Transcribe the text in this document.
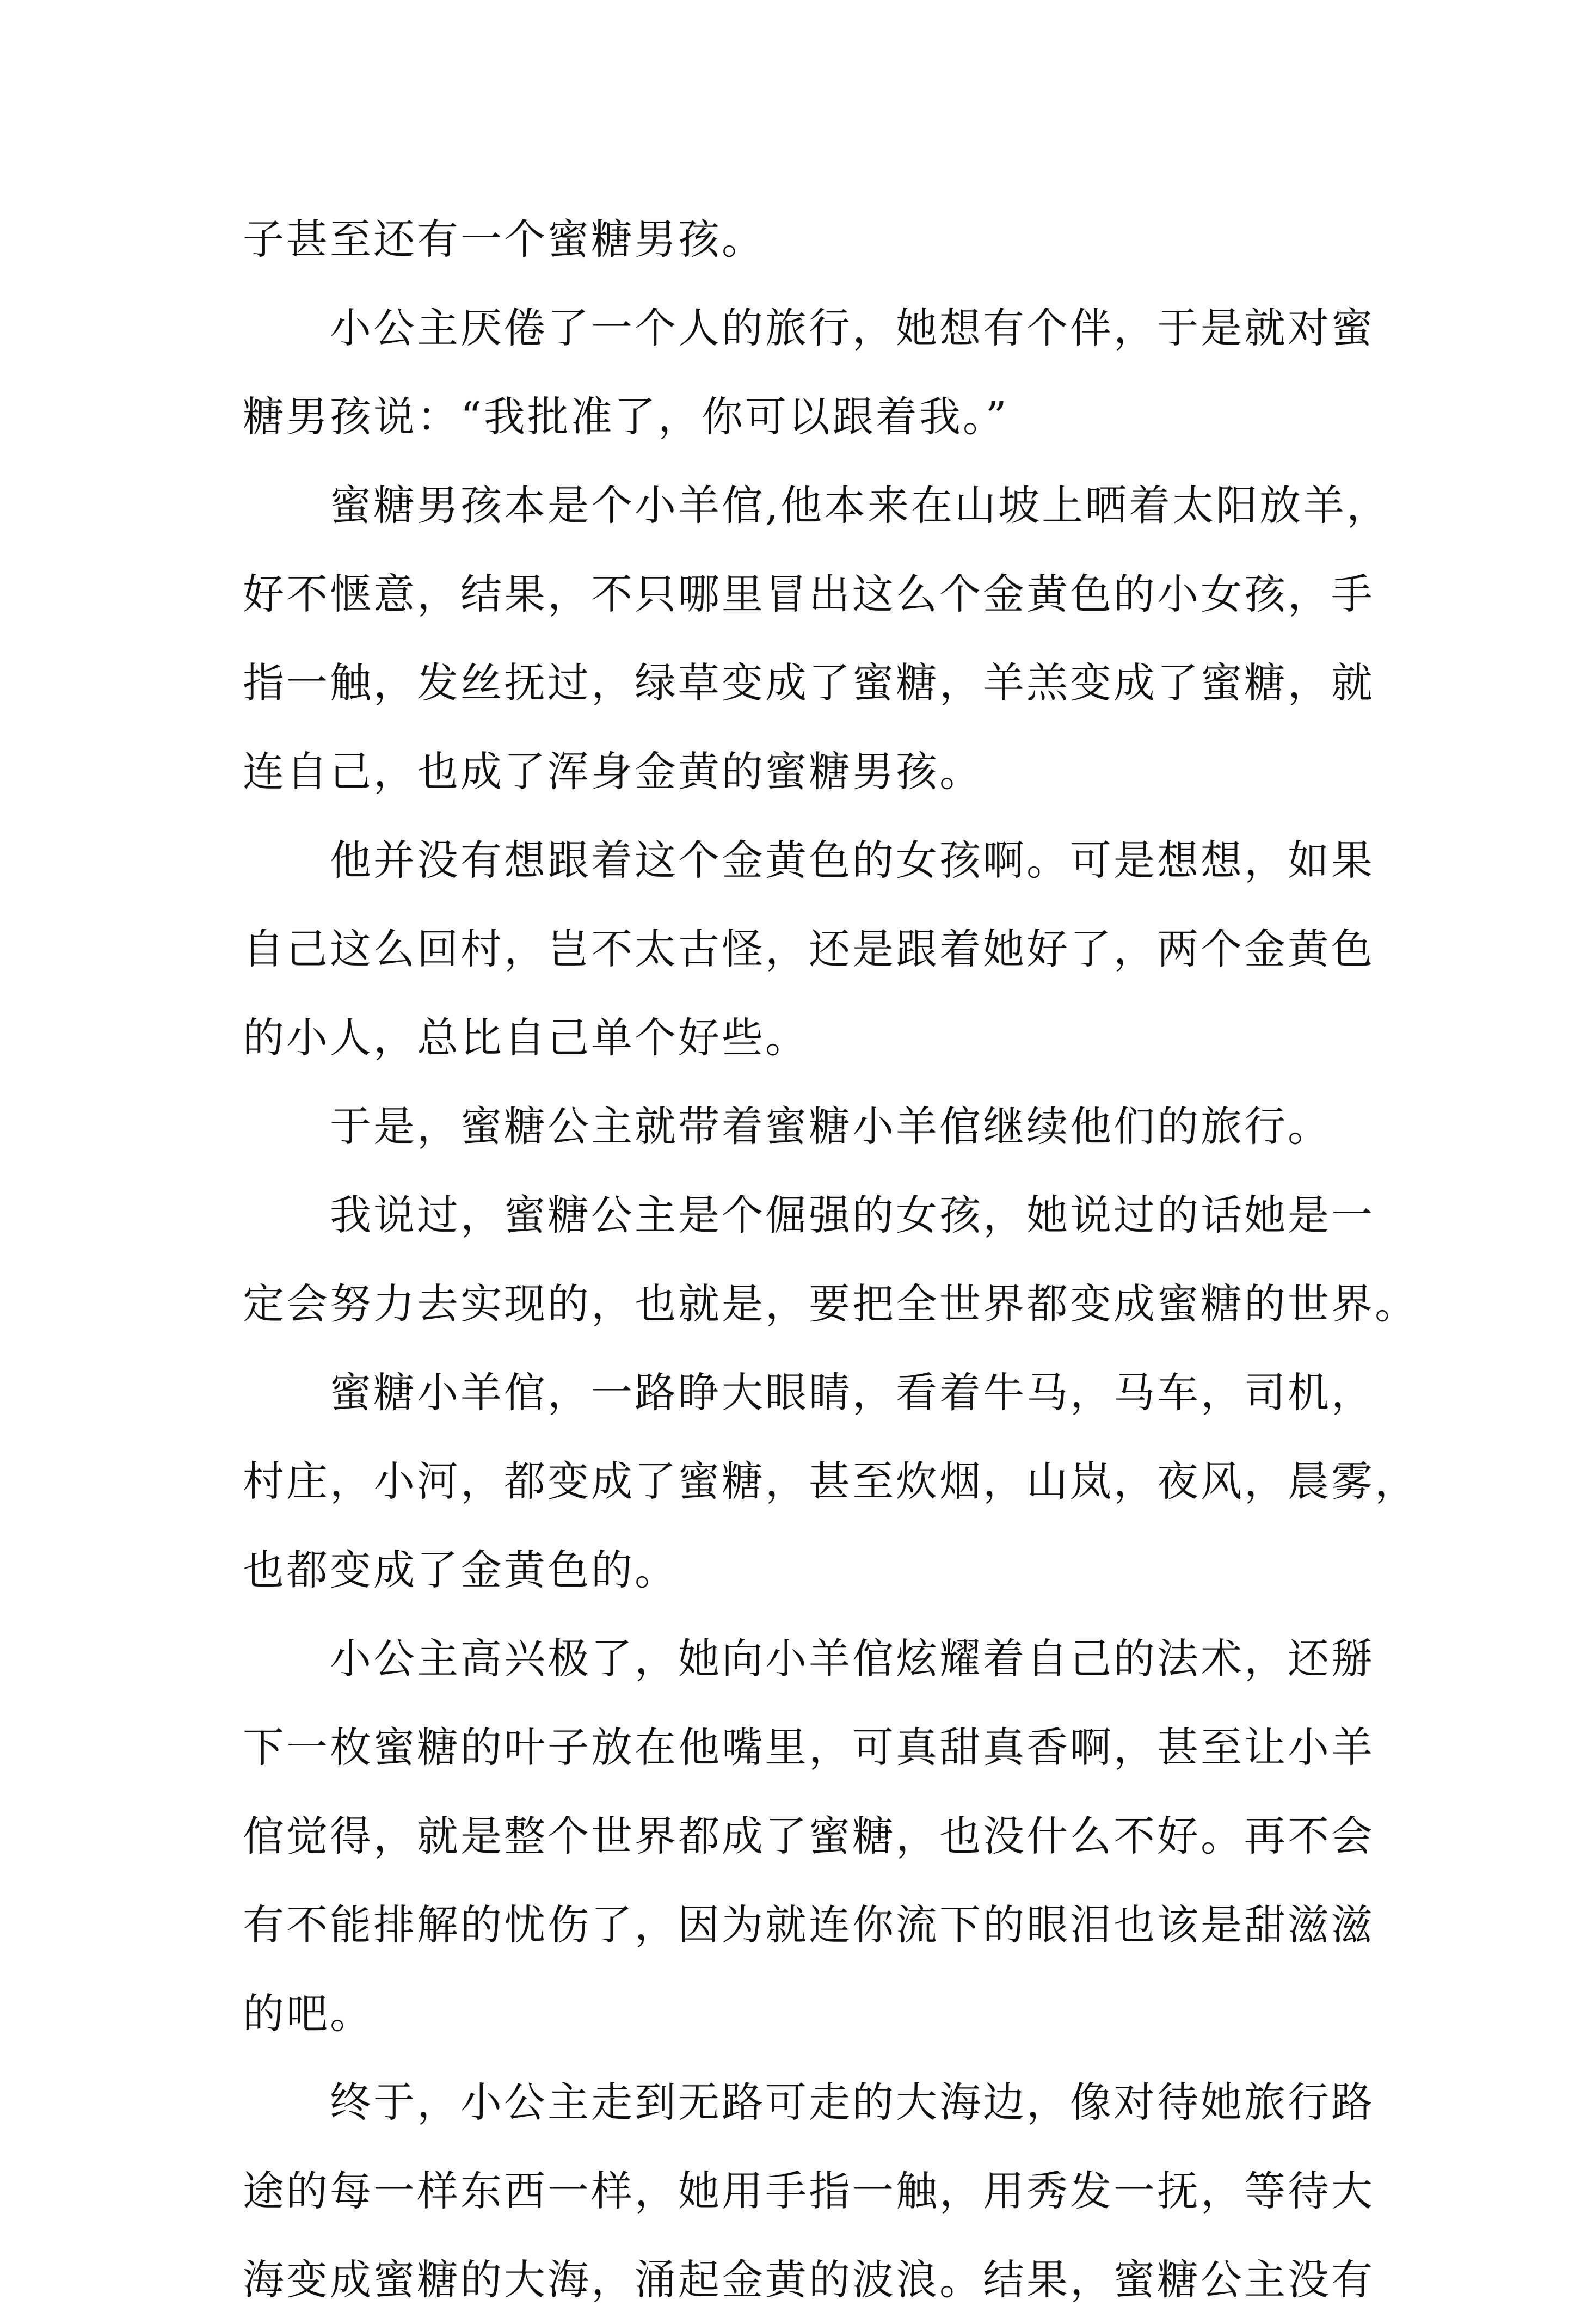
子甚至还有一个蜜糖男孩。
　　小公主厌倦了一个人的旅行，她想有个伴，于是就对蜜
糖男孩说：“我批准了，你可以跟着我。”
　　蜜糖男孩本是个小羊倌,他本来在山坡上晒着太阳放羊，
好不惬意，结果，不只哪里冒出这么个金黄色的小女孩，手
指一触，发丝抚过，绿草变成了蜜糖，羊羔变成了蜜糖，就
连自己，也成了浑身金黄的蜜糖男孩。
　　他并没有想跟着这个金黄色的女孩啊。可是想想，如果
自己这么回村，岂不太古怪，还是跟着她好了，两个金黄色
的小人，总比自己单个好些。
　　于是，蜜糖公主就带着蜜糖小羊倌继续他们的旅行。
　　我说过，蜜糖公主是个倔强的女孩，她说过的话她是一
定会努力去实现的，也就是，要把全世界都变成蜜糖的世界。
　　蜜糖小羊倌，一路睁大眼睛，看着牛马，马车，司机，
村庄，小河，都变成了蜜糖，甚至炊烟，山岚，夜风，晨雾，
也都变成了金黄色的。
　　小公主高兴极了，她向小羊倌炫耀着自己的法术，还掰
下一枚蜜糖的叶子放在他嘴里，可真甜真香啊，甚至让小羊
倌觉得，就是整个世界都成了蜜糖，也没什么不好。再不会
有不能排解的忧伤了，因为就连你流下的眼泪也该是甜滋滋
的吧。
　　终于，小公主走到无路可走的大海边，像对待她旅行路
途的每一样东西一样，她用手指一触，用秀发一抚，等待大
海变成蜜糖的大海，涌起金黄的波浪。结果，蜜糖公主没有
